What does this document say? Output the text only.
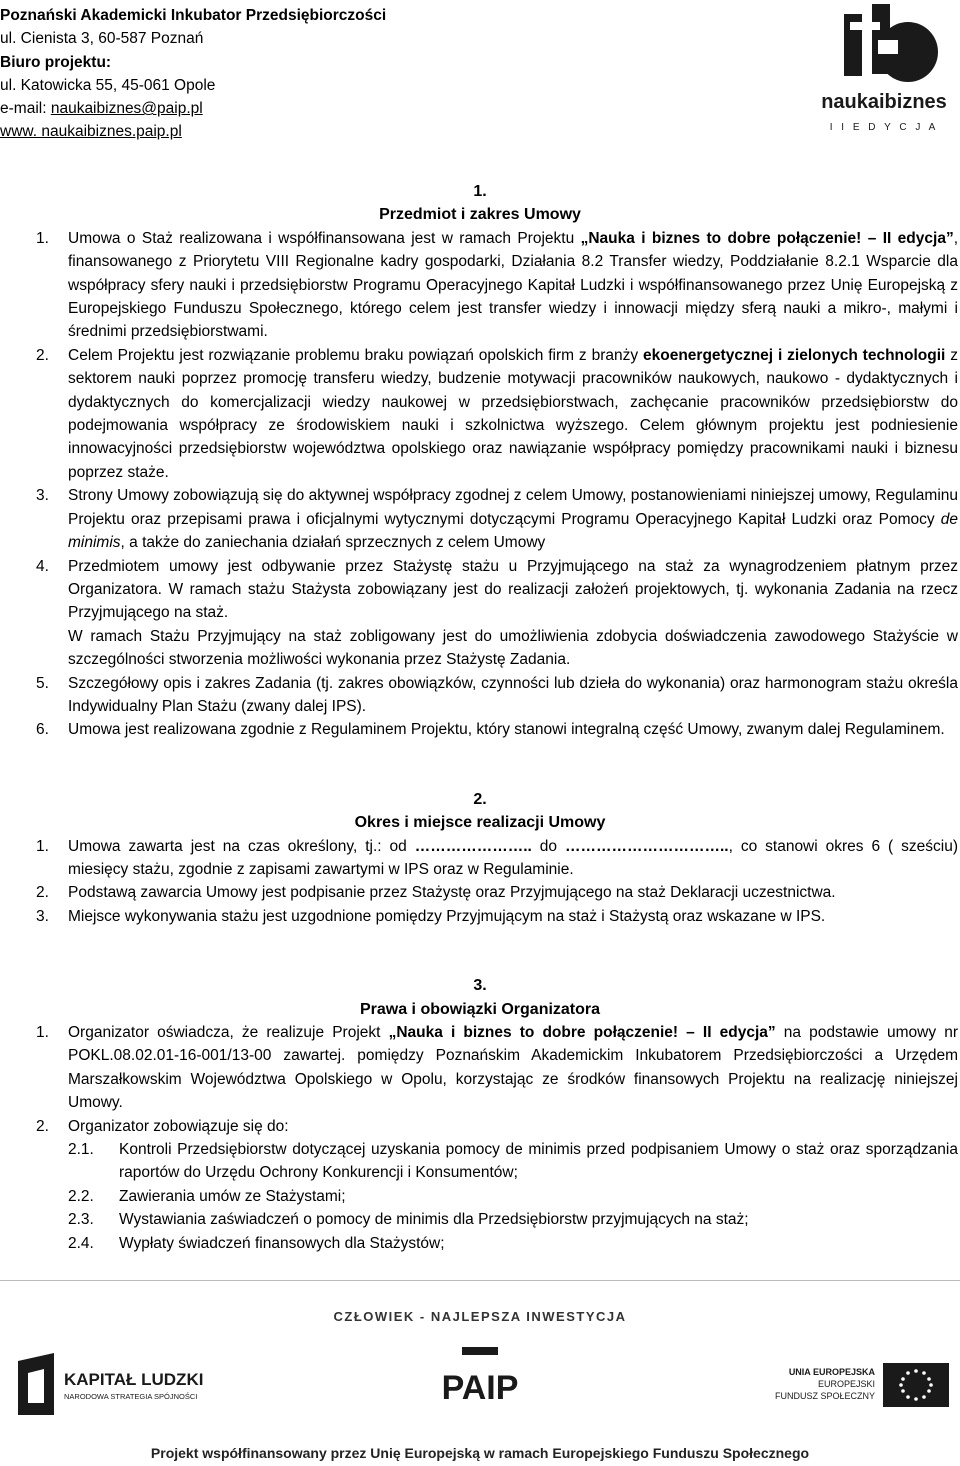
Poznański Akademicki Inkubator Przedsiębiorczości
ul. Cienista 3, 60-587 Poznań
Biuro projektu:
ul. Katowicka 55, 45-061 Opole
e-mail: naukaibiznes@paip.pl
www. naukaibiznes.paip.pl
naukaibiznes
I I E D Y C J A
1.
Przedmiot i zakres Umowy
1.	Umowa o Staż realizowana i współfinansowana jest w ramach Projektu „Nauka i biznes to dobre połączenie! – II edycja”, finansowanego z Priorytetu VIII Regionalne kadry gospodarki, Działania 8.2 Transfer wiedzy, Poddziałanie 8.2.1 Wsparcie dla współpracy sfery nauki i przedsiębiorstw Programu Operacyjnego Kapitał Ludzki i współfinansowanego przez Unię Europejską z Europejskiego Funduszu Społecznego, którego celem jest transfer wiedzy i innowacji między sferą nauki a mikro-, małymi i średnimi przedsiębiorstwami.
2.	Celem Projektu jest rozwiązanie problemu braku powiązań opolskich firm z branży ekoenergetycznej i zielonych technologii z sektorem nauki poprzez promocję transferu wiedzy, budzenie motywacji pracowników naukowych, naukowo - dydaktycznych i dydaktycznych do komercjalizacji wiedzy naukowej w przedsiębiorstwach, zachęcanie pracowników przedsiębiorstw do podejmowania współpracy ze środowiskiem nauki i szkolnictwa wyższego. Celem głównym projektu jest podniesienie innowacyjności przedsiębiorstw województwa opolskiego oraz nawiązanie współpracy pomiędzy pracownikami nauki i biznesu poprzez staże.
3.	Strony Umowy zobowiązują się do aktywnej współpracy zgodnej z celem Umowy, postanowieniami niniejszej umowy, Regulaminu Projektu oraz przepisami prawa i oficjalnymi wytycznymi dotyczącymi Programu Operacyjnego Kapitał Ludzki oraz Pomocy de minimis, a także do zaniechania działań sprzecznych z celem Umowy
4.	Przedmiotem umowy jest odbywanie przez Stażystę stażu u Przyjmującego na staż za wynagrodzeniem płatnym przez Organizatora. W ramach stażu Stażysta zobowiązany jest do realizacji założeń projektowych, tj. wykonania Zadania na rzecz Przyjmującego na staż.
W ramach Stażu Przyjmujący na staż zobligowany jest do umożliwienia zdobycia doświadczenia zawodowego Stażyście w szczególności stworzenia możliwości wykonania przez Stażystę Zadania.
5.	Szczegółowy opis i zakres Zadania (tj. zakres obowiązków, czynności lub dzieła do wykonania) oraz harmonogram stażu określa Indywidualny Plan Stażu (zwany dalej IPS).
6.	Umowa jest realizowana zgodnie z Regulaminem Projektu, który stanowi integralną część Umowy, zwanym dalej Regulaminem.
2.
Okres i miejsce realizacji Umowy
1.	Umowa zawarta jest na czas określony, tj.: od ………………….. do ………………………….., co stanowi okres 6 ( sześciu) miesięcy stażu, zgodnie z zapisami zawartymi w IPS oraz w Regulaminie.
2.	Podstawą zawarcia Umowy jest podpisanie przez Stażystę oraz Przyjmującego na staż Deklaracji uczestnictwa.
3.	Miejsce wykonywania stażu jest uzgodnione pomiędzy Przyjmującym na staż i Stażystą oraz wskazane w IPS.
3.
Prawa i obowiązki Organizatora
1.	Organizator oświadcza, że realizuje Projekt „Nauka i biznes to dobre połączenie! – II edycja” na podstawie umowy nr POKL.08.02.01-16-001/13-00 zawartej. pomiędzy Poznańskim Akademickim Inkubatorem Przedsiębiorczości a Urzędem Marszałkowskim Województwa Opolskiego w Opolu, korzystając ze środków finansowych Projektu na realizację niniejszej Umowy.
2.	Organizator zobowiązuje się do:
2.1.	Kontroli Przedsiębiorstw dotyczącej uzyskania pomocy de minimis przed podpisaniem Umowy o staż oraz sporządzania raportów do Urzędu Ochrony Konkurencji i Konsumentów;
2.2.	Zawierania umów ze Stażystami;
2.3.	Wystawiania zaświadczeń o pomocy de minimis dla Przedsiębiorstw przyjmujących na staż;
2.4.	Wypłaty świadczeń finansowych dla Stażystów;
CZŁOWIEK - NAJLEPSZA INWESTYCJA
KAPITAŁ LUDZKI
NARODOWA STRATEGIA SPÓJNOŚCI	PAIP	UNIA EUROPEJSKA
EUROPEJSKI
FUNDUSZ SPOŁECZNY
Projekt współfinansowany przez Unię Europejską w ramach Europejskiego Funduszu Społecznego
